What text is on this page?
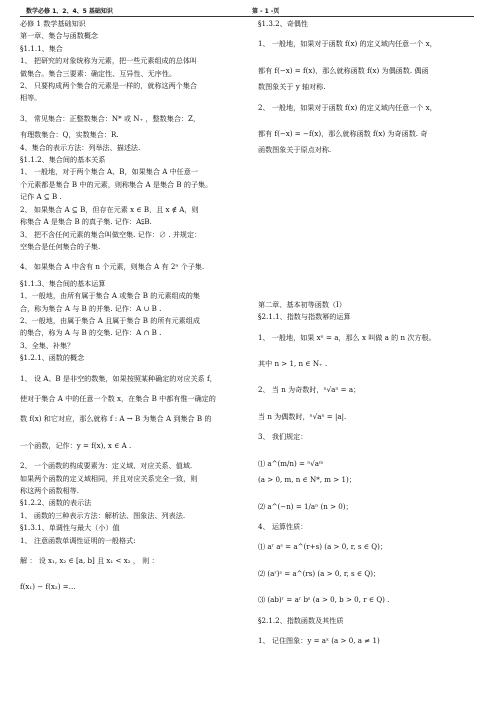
数学必修 1、2、4、5 基础知识	第 - 1 -页

必修 1 数学基础知识

第一章、集合与函数概念

§1.1.1、集合

1、 把研究的对象统称为元素，把一些元素组成的总体叫

做集合。集合三要素：确定性、互异性、无序性。

2、 只要构成两个集合的元素是一样的，就称这两个集合

相等。

3、 常见集合：正整数集合：N* 或 N₊ ，整数集合：Z，

有理数集合：Q，实数集合：R.

4、集合的表示方法：列举法、描述法.

§1.1.2、集合间的基本关系

1、 一般地，对于两个集合 A、B，如果集合 A 中任意一

个元素都是集合 B 中的元素，则称集合 A 是集合 B 的子集。

记作 A ⊆ B .

2、 如果集合 A ⊆ B，但存在元素 x ∈ B，且 x ∉ A，则

称集合 A 是集合 B 的真子集. 记作：A⫋B.

3、 把不含任何元素的集合叫做空集. 记作：∅ . 并规定：

空集合是任何集合的子集.

4、 如果集合 A 中含有 n 个元素，则集合 A 有 2ⁿ 个子集.

§1.1.3、集合间的基本运算

1、一般地，由所有属于集合 A 或集合 B 的元素组成的集

合，称为集合 A 与 B 的并集. 记作：A ∪ B .

2、一般地，由属于集合 A 且属于集合 B 的所有元素组成

的集合，称为 A 与 B 的交集. 记作：A ∩ B .

3、全集、补集？

§1.2.1、函数的概念

1、 设 A、B 是非空的数集，如果按照某种确定的对应关系 f，

使对于集合 A 中的任意一个数 x，在集合 B 中都有惟一确定的

数 f(x) 和它对应，那么就称 f : A → B 为集合 A 到集合 B 的

一个函数，记作：y = f(x), x ∈ A .

2、 一个函数的构成要素为：定义域、对应关系、值域.

如果两个函数的定义域相同，并且对应关系完全一致，则

称这两个函数相等.

§1.2.2、函数的表示法

1、 函数的三种表示方法：解析法、图象法、列表法.

§1.3.1、单调性与最大（小）值

1、 注意函数单调性证明的一般格式:

解 ： 设 x₁, x₂ ∈ [a, b] 且 x₁ < x₂ ， 则 ：

f(x₁) − f(x₂) =…

§1.3.2、奇偶性

1、 一般地，如果对于函数 f(x) 的定义域内任意一个 x，

都有 f(−x) = f(x)，那么就称函数 f(x) 为偶函数. 偶函

数图象关于 y 轴对称.

2、 一般地，如果对于函数 f(x) 的定义域内任意一个 x，

都有 f(−x) = −f(x)，那么就称函数 f(x) 为奇函数. 奇

函数图象关于原点对称.

第二章、基本初等函数（Ⅰ）

§2.1.1、指数与指数幂的运算

1、 一般地，如果 xⁿ = a，那么 x 叫做 a 的 n 次方根。

其中 n > 1, n ∈ N₊ .

2、 当 n 为奇数时，ⁿ√aⁿ = a；

当 n 为偶数时，ⁿ√aⁿ = |a|.

3、 我们规定：

⑴ a^(m/n) = ⁿ√aᵐ

(a > 0, m, n ∈ N*, m > 1)；

⑵ a^(−n) = 1/aⁿ (n > 0)；

4、 运算性质：

⑴ aʳ aˢ = a^(r+s) (a > 0, r, s ∈ Q)；

⑵ (aʳ)ˢ = a^(rs) (a > 0, r, s ∈ Q)；

⑶ (ab)ʳ = aʳ bˢ (a > 0, b > 0, r ∈ Q) .

§2.1.2、指数函数及其性质

1、 记住图象：y = aˣ (a > 0, a ≠ 1)
